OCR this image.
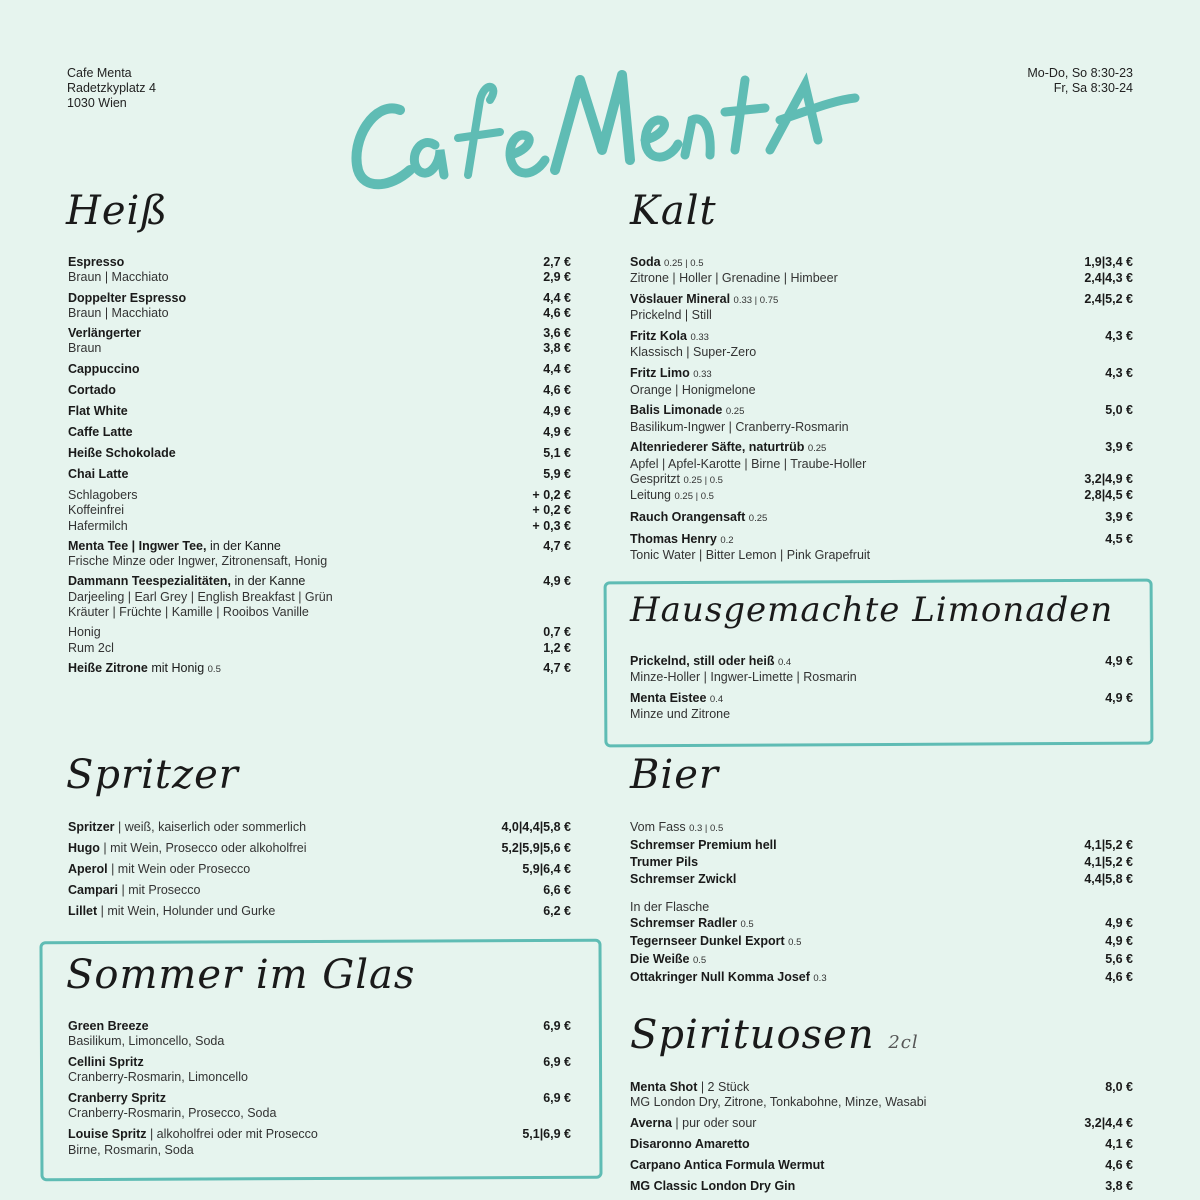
Cafe Menta
Radetzkyplatz 4
1030 Wien
Mo-Do, So 8:30-23
Fr, Sa 8:30-24
Heiß
Espresso	2,7 €
Braun | Macchiato	2,9 €
Doppelter Espresso	4,4 €
Braun | Macchiato	4,6 €
Verlängerter	3,6 €
Braun	3,8 €
Cappuccino	4,4 €
Cortado	4,6 €
Flat White	4,9 €
Caffe Latte	4,9 €
Heiße Schokolade	5,1 €
Chai Latte	5,9 €
Schlagobers	+ 0,2 €
Koffeinfrei	+ 0,2 €
Hafermilch	+ 0,3 €
Menta Tee | Ingwer Tee, in der Kanne	4,7 €
Frische Minze oder Ingwer, Zitronensaft, Honig
Dammann Teespezialitäten, in der Kanne	4,9 €
Darjeeling | Earl Grey | English Breakfast | Grün
Kräuter | Früchte | Kamille | Rooibos Vanille
Honig	0,7 €
Rum 2cl	1,2 €
Heiße Zitrone mit Honig 0.5	4,7 €
Kalt
Soda 0.25 | 0.5	1,9|3,4 €
Zitrone | Holler | Grenadine | Himbeer	2,4|4,3 €
Vöslauer Mineral 0.33 | 0.75	2,4|5,2 €
Prickelnd | Still
Fritz Kola 0.33	4,3 €
Klassisch | Super-Zero
Fritz Limo 0.33	4,3 €
Orange | Honigmelone
Balis Limonade 0.25	5,0 €
Basilikum-Ingwer | Cranberry-Rosmarin
Altenriederer Säfte, naturtrüb 0.25	3,9 €
Apfel | Apfel-Karotte | Birne | Traube-Holler
Gespritzt 0.25 | 0.5	3,2|4,9 €
Leitung 0.25 | 0.5	2,8|4,5 €
Rauch Orangensaft 0.25	3,9 €
Thomas Henry 0.2	4,5 €
Tonic Water | Bitter Lemon | Pink Grapefruit
Hausgemachte Limonaden
Prickelnd, still oder heiß 0.4	4,9 €
Minze-Holler | Ingwer-Limette | Rosmarin
Menta Eistee 0.4	4,9 €
Minze und Zitrone
Spritzer
Spritzer | weiß, kaiserlich oder sommerlich	4,0|4,4|5,8 €
Hugo | mit Wein, Prosecco oder alkoholfrei	5,2|5,9|5,6 €
Aperol | mit Wein oder Prosecco	5,9|6,4 €
Campari | mit Prosecco	6,6 €
Lillet | mit Wein, Holunder und Gurke	6,2 €
Sommer im Glas
Green Breeze	6,9 €
Basilikum, Limoncello, Soda
Cellini Spritz	6,9 €
Cranberry-Rosmarin, Limoncello
Cranberry Spritz	6,9 €
Cranberry-Rosmarin, Prosecco, Soda
Louise Spritz | alkoholfrei oder mit Prosecco	5,1|6,9 €
Birne, Rosmarin, Soda
Bier
Vom Fass 0.3 | 0.5
Schremser Premium hell	4,1|5,2 €
Trumer Pils	4,1|5,2 €
Schremser Zwickl	4,4|5,8 €
In der Flasche
Schremser Radler 0.5	4,9 €
Tegernseer Dunkel Export 0.5	4,9 €
Die Weiße 0.5	5,6 €
Ottakringer Null Komma Josef 0.3	4,6 €
Spirituosen 2cl
Menta Shot | 2 Stück	8,0 €
MG London Dry, Zitrone, Tonkabohne, Minze, Wasabi
Averna | pur oder sour	3,2|4,4 €
Disaronno Amaretto	4,1 €
Carpano Antica Formula Wermut	4,6 €
MG Classic London Dry Gin	3,8 €
